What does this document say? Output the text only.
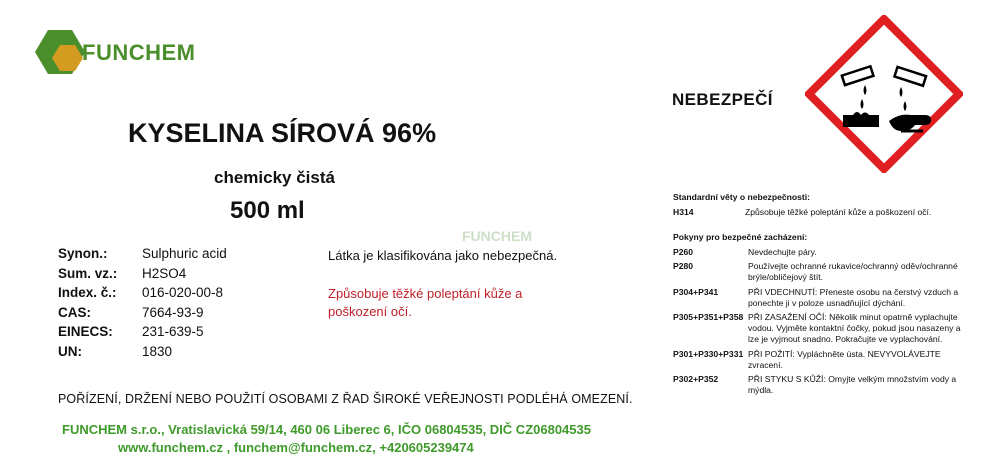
FUNCHEM
KYSELINA SÍROVÁ 96%
chemicky čistá
500 ml
Synon.:	Sulphuric acid
Sum. vz.:	H2SO4
Index. č.:	016-020-00-8
CAS:	7664-93-9
EINECS:	231-639-5
UN:	1830
FUNCHEM
Látka je klasifikována jako nebezpečná.
Způsobuje těžké poleptání kůže a poškození očí.
POŘÍZENÍ, DRŽENÍ NEBO POUŽITÍ OSOBAMI Z ŘAD ŠIROKÉ VEŘEJNOSTI PODLÉHÁ OMEZENÍ.
FUNCHEM s.r.o., Vratislavická 59/14, 460 06 Liberec 6, IČO 06804535, DIČ CZ06804535
www.funchem.cz , funchem@funchem.cz, +420605239474
NEBEZPEČÍ
Standardní věty o nebezpečnosti:
H314	Způsobuje těžké poleptání kůže a poškození očí.
Pokyny pro bezpečné zacházení:
P260	Nevdechujte páry.
P280	Používejte ochranné rukavice/ochranný oděv/ochranné brýle/obličejový štít.
P304+P341	PŘI VDECHNUTÍ: Přeneste osobu na čerstvý vzduch a ponechte ji v poloze usnadňující dýchání.
P305+P351+P358 PŘI ZASAŽENÍ OČÍ: Několik minut opatrně vyplachujte vodou. Vyjměte kontaktní čočky, pokud jsou nasazeny a lze je vyjmout snadno. Pokračujte ve vyplachování.
P301+P330+P331 PŘI POŽITÍ: Vypláchněte ústa. NEVYVOLÁVEJTE zvracení.
P302+P352	PŘI STYKU S KŮŽÍ: Omyjte velkým množstvím vody a mýdla.
